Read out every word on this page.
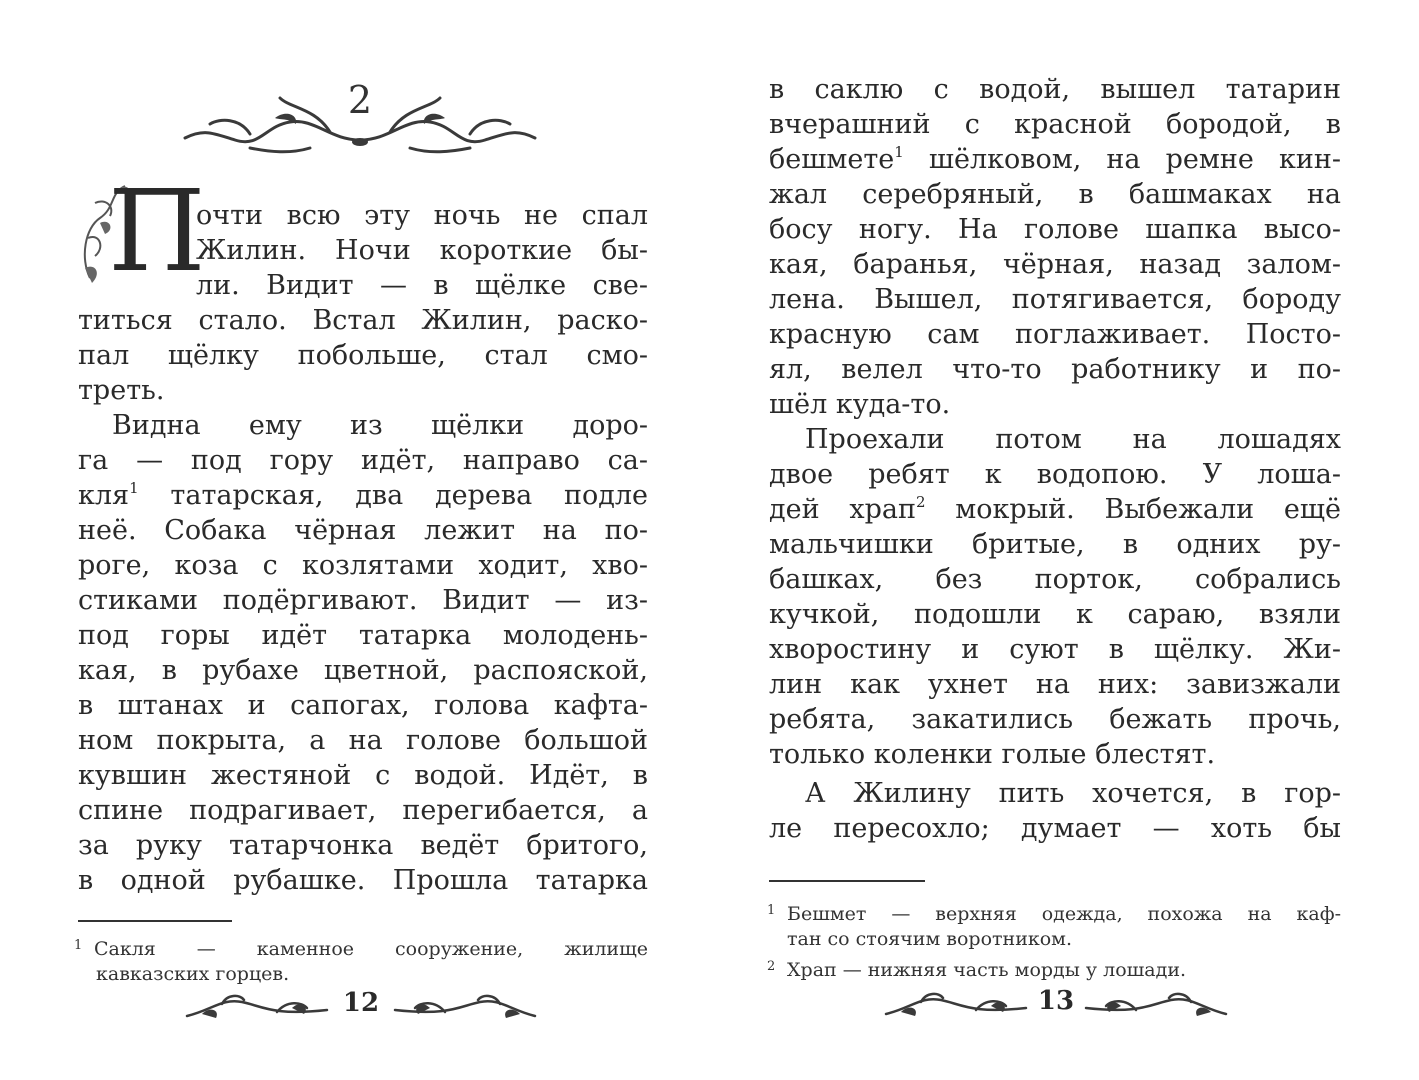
2
П
очти всю эту ночь не спал
Жилин. Ночи короткие бы-
ли. Видит — в щёлке све-
титься стало. Встал Жилин, раско-
пал щёлку побольше, стал смо-
треть.
Видна ему из щёлки доро-
га — под гору идёт, направо са-
кля$^1$ татарская, два дерева подле
неё. Собака чёрная лежит на по-
роге, коза с козлятами ходит, хво-
стиками подёргивают. Видит — из-
под горы идёт татарка молодень-
кая, в рубахе цветной, распояской,
в штанах и сапогах, голова кафта-
ном покрыта, а на голове большой
кувшин жестяной с водой. Идёт, в
спине подрагивает, перегибается, а
за руку татарчонка ведёт бритого,
в одной рубашке. Прошла татарка
1 Сакля — каменное сооружение, жилище
кавказских горцев.
12
в саклю с водой, вышел татарин
вчерашний с красной бородой, в
бешмете$^1$ шёлковом, на ремне кин-
жал серебряный, в башмаках на
босу ногу. На голове шапка высо-
кая, баранья, чёрная, назад залом-
лена. Вышел, потягивается, бороду
красную сам поглаживает. Посто-
ял, велел что-то работнику и по-
шёл куда-то.
Проехали потом на лошадях
двое ребят к водопою. У лоша-
дей храп$^2$ мокрый. Выбежали ещё
мальчишки бритые, в одних ру-
башках, без порток, собрались
кучкой, подошли к сараю, взяли
хворостину и суют в щёлку. Жи-
лин как ухнет на них: завизжали
ребята, закатились бежать прочь,
только коленки голые блестят.
А Жилину пить хочется, в гор-
ле пересохло; думает — хоть бы
1 Бешмет — верхняя одежда, похожа на каф-
тан со стоячим воротником.
2 Храп — нижняя часть морды у лошади.
13
